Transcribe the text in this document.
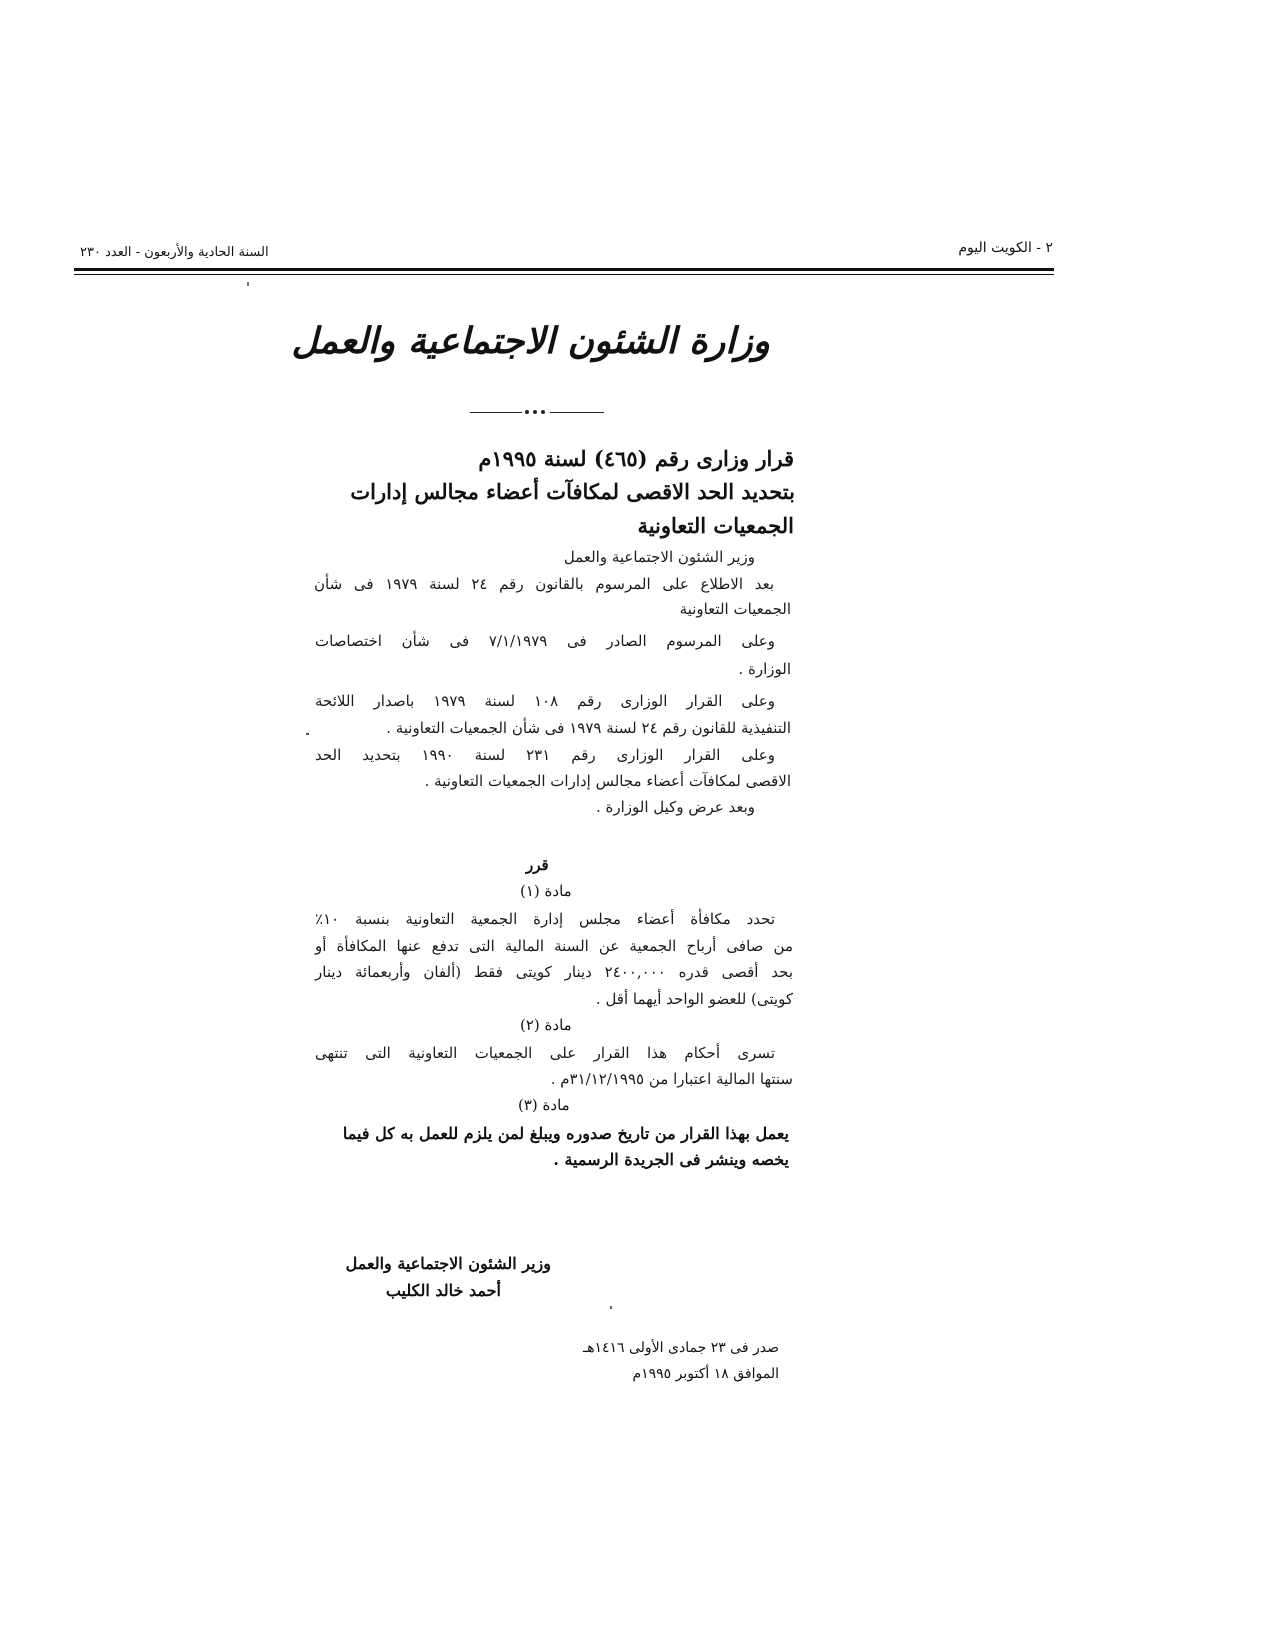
السنة الحادية والأربعون - العدد ٢٣٠	٢ - الكويت اليوم
وزارة الشئون الاجتماعية والعمل
قرار وزارى رقم (٤٦٥) لسنة ١٩٩٥م
بتحديد الحد الاقصى لمكافآت أعضاء مجالس إدارات
الجمعيات التعاونية
وزير الشئون الاجتماعية والعمل
بعد الاطلاع على المرسوم بالقانون رقم ٢٤ لسنة ١٩٧٩ فى شأن
الجمعيات التعاونية
وعلى المرسوم الصادر فى ٧/١/١٩٧٩ فى شأن اختصاصات
الوزارة .
وعلى القرار الوزارى رقم ١٠٨ لسنة ١٩٧٩ باصدار اللائحة
التنفيذية للقانون رقم ٢٤ لسنة ١٩٧٩ فى شأن الجمعيات التعاونية .
وعلى القرار الوزارى رقم ٢٣١ لسنة ١٩٩٠ بتحديد الحد
الاقصى لمكافآت أعضاء مجالس إدارات الجمعيات التعاونية .
وبعد عرض وكيل الوزارة .
قرر
مادة (١)
تحدد مكافأة أعضاء مجلس إدارة الجمعية التعاونية بنسبة ١٠٪
من صافى أرباح الجمعية عن السنة المالية التى تدفع عنها المكافأة أو
بحد أقصى قدره ٢٤٠٠,٠٠٠ دينار كويتى فقط (ألفان وأربعمائة دينار
كويتى) للعضو الواحد أيهما أقل .
مادة (٢)
تسرى أحكام هذا القرار على الجمعيات التعاونية التى تنتهى
سنتها المالية اعتبارا من ٣١/١٢/١٩٩٥م .
مادة (٣)
يعمل بهذا القرار من تاريخ صدوره ويبلغ لمن يلزم للعمل به كل فيما
يخصه وينشر فى الجريدة الرسمية .
وزير الشئون الاجتماعية والعمل
أحمد خالد الكليب
صدر فى ٢٣ جمادى الأولى ١٤١٦هـ
الموافق ١٨ أكتوبر ١٩٩٥م
